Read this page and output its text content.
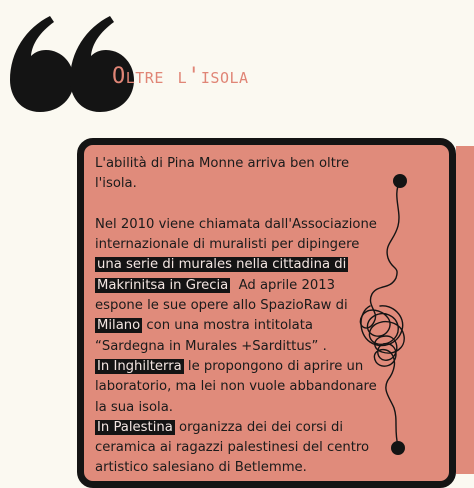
Oltre l'isola
L'abilità di Pina Monne arriva ben oltre
l'isola.
Nel 2010 viene chiamata dall'Associazione
internazionale di muralisti per dipingere
una serie di murales nella cittadina di
Makrinitsa in Grecia  Ad aprile 2013
espone le sue opere allo SpazioRaw di
Milano con una mostra intitolata
“Sardegna in Murales +Sardittus” .
In Inghilterra le propongono di aprire un
laboratorio, ma lei non vuole abbandonare
la sua isola.
In Palestina organizza dei dei corsi di
ceramica ai ragazzi palestinesi del centro
artistico salesiano di Betlemme.
